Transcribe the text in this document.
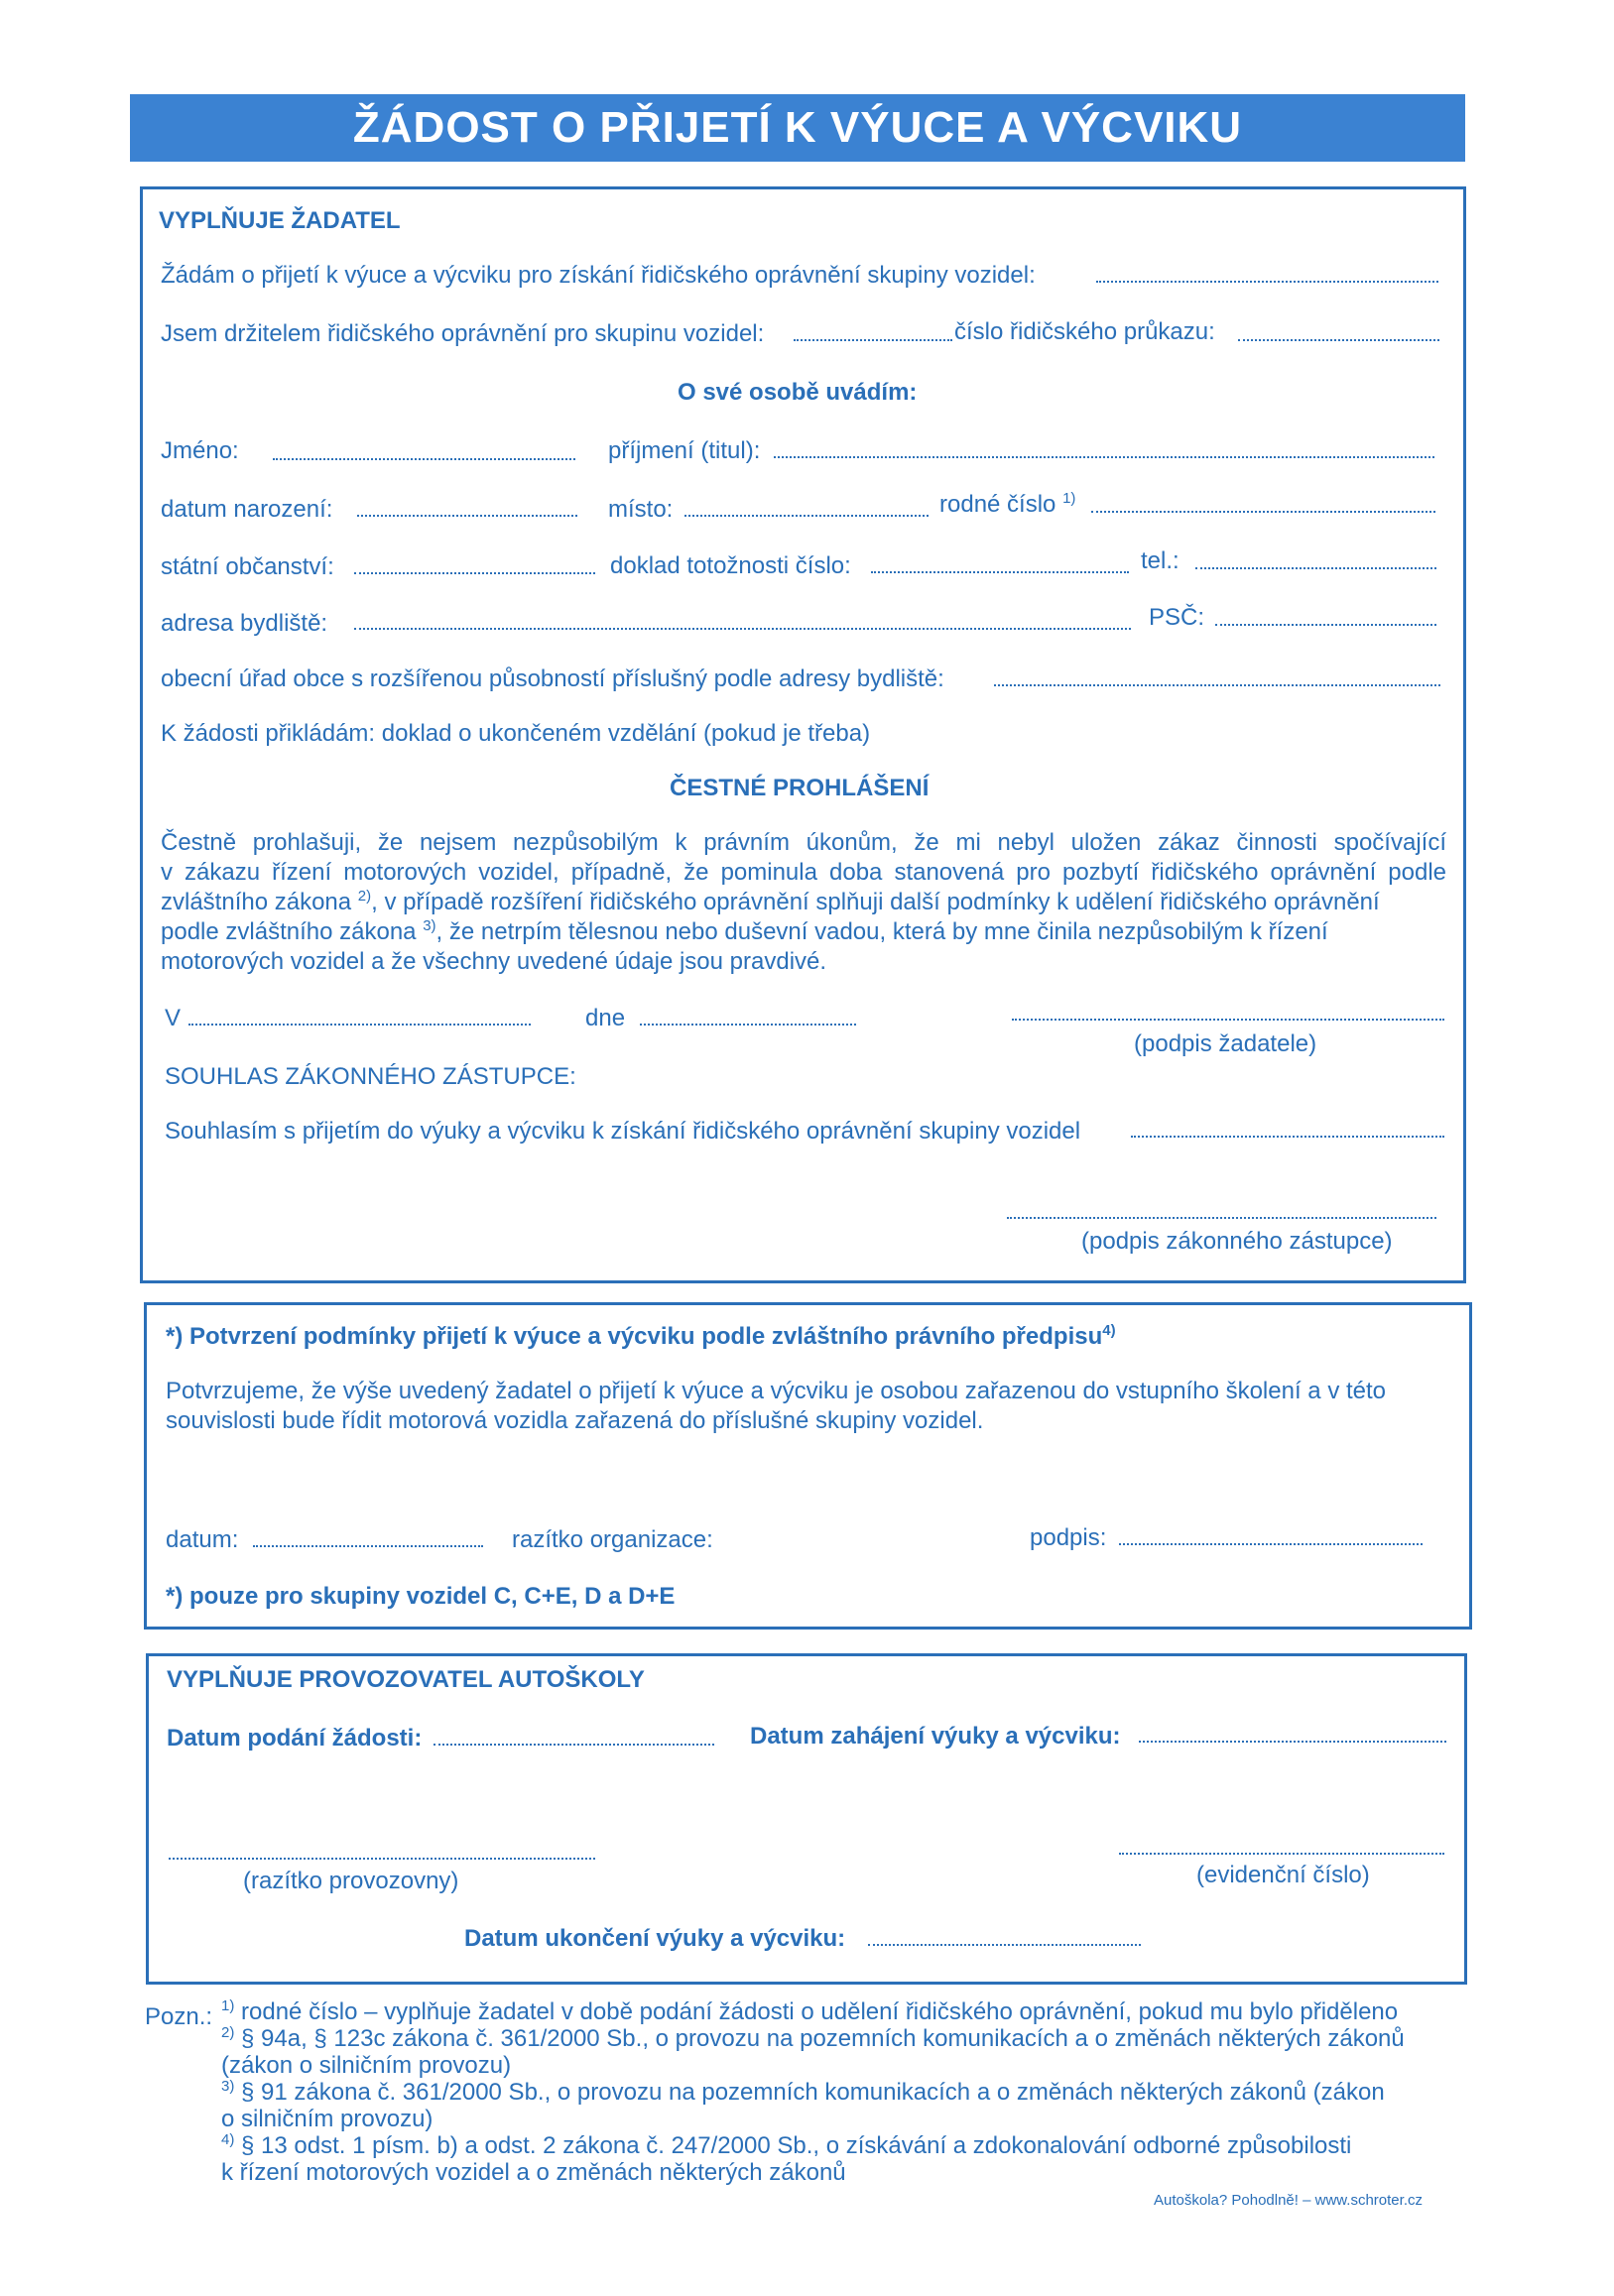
ŽÁDOST O PŘIJETÍ K VÝUCE A VÝCVIKU
VYPLŇUJE ŽADATEL
Žádám o přijetí k výuce a výcviku pro získání řidičského oprávnění skupiny vozidel:
Jsem držitelem řidičského oprávnění pro skupinu vozidel:	číslo řidičského průkazu:
O své osobě uvádím:
Jméno:	příjmení (titul):
datum narození:	místo:	rodné číslo $^{1)}$
státní občanství:	doklad totožnosti číslo:	tel.:
adresa bydliště:	PSČ:
obecní úřad obce s rozšířenou působností příslušný podle adresy bydliště:
K žádosti přikládám: doklad o ukončeném vzdělání (pokud je třeba)
ČESTNÉ PROHLÁŠENÍ
Čestně prohlašuji, že nejsem nezpůsobilým k právním úkonům, že mi nebyl uložen zákaz činnosti spočívající
v zákazu řízení motorových vozidel, případně, že pominula doba stanovená pro pozbytí řidičského oprávnění podle
zvláštního zákona $^{2)}$, v případě rozšíření řidičského oprávnění splňuji další podmínky k udělení řidičského oprávnění
podle zvláštního zákona $^{3)}$, že netrpím tělesnou nebo duševní vadou, která by mne činila nezpůsobilým k řízení
motorových vozidel a že všechny uvedené údaje jsou pravdivé.
V	dne
(podpis žadatele)
SOUHLAS ZÁKONNÉHO ZÁSTUPCE:
Souhlasím s přijetím do výuky a výcviku k získání řidičského oprávnění skupiny vozidel
(podpis zákonného zástupce)
*) Potvrzení podmínky přijetí k výuce a výcviku podle zvláštního právního předpisu$^{4)}$
Potvrzujeme, že výše uvedený žadatel o přijetí k výuce a výcviku je osobou zařazenou do vstupního školení a v této
souvislosti bude řídit motorová vozidla zařazená do příslušné skupiny vozidel.
datum:	razítko organizace:	podpis:
*) pouze pro skupiny vozidel C, C+E, D a D+E
VYPLŇUJE PROVOZOVATEL AUTOŠKOLY
Datum podání žádosti:	Datum zahájení výuky a výcviku:
(razítko provozovny)	(evidenční číslo)
Datum ukončení výuky a výcviku:
Pozn.: $^{1)}$ rodné číslo – vyplňuje žadatel v době podání žádosti o udělení řidičského oprávnění, pokud mu bylo přiděleno
$^{2)}$ § 94a, § 123c zákona č. 361/2000 Sb., o provozu na pozemních komunikacích a o změnách některých zákonů
(zákon o silničním provozu)
$^{3)}$ § 91 zákona č. 361/2000 Sb., o provozu na pozemních komunikacích a o změnách některých zákonů (zákon
o silničním provozu)
$^{4)}$ § 13 odst. 1 písm. b) a odst. 2 zákona č. 247/2000 Sb., o získávání a zdokonalování odborné způsobilosti
k řízení motorových vozidel a o změnách některých zákonů
Autoškola? Pohodlně! – www.schroter.cz
